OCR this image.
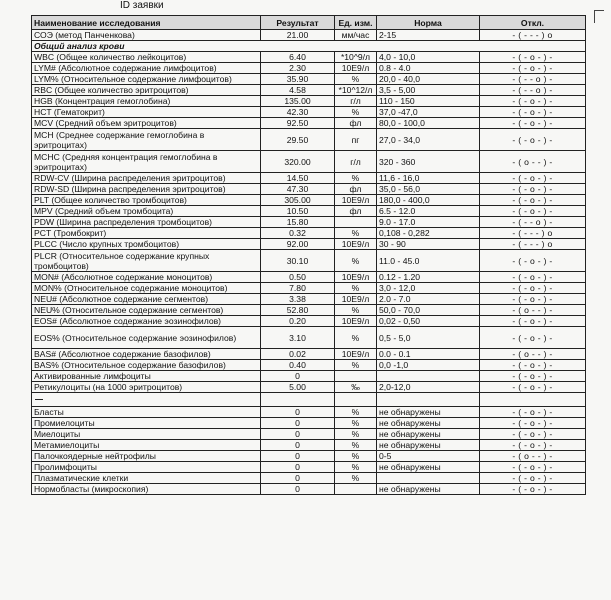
ID заявки
Наименование исследования	Результат	Ед. изм.	Норма	Откл.
СОЭ (метод Панченкова)	21.00	мм/час	2-15	- ( - - - ) о
Общий анализ крови				
WBC (Общее количество лейкоцитов)	6.40	*10^9/л	4,0 - 10,0	- ( - o - ) -
LYM# (Абсолютное содержание лимфоцитов)	2.30	10E9/л	0.8 - 4.0	- ( - o - ) -
LYM% (Относительное содержание лимфоцитов)	35.90	%	20,0 - 40,0	- ( - - o ) -
RBC (Общее количество эритроцитов)	4.58	*10^12/л	3,5 - 5,00	- ( - - o ) -
HGB (Концентрация гемоглобина)	135.00	г/л	110 - 150	- ( - o - ) -
HCT (Гематокрит)	42.30	%	37,0 -47,0	- ( - o - ) -
MCV (Средний объем эритроцитов)	92.50	фл	80,0 - 100,0	- ( - o - ) -
MCH (Среднее содержание гемоглобина в эритроцитах)	29.50	пг	27,0 - 34,0	- ( - o - ) -
MCHC (Средняя концентрация гемоглобина в эритроцитах)	320.00	г/л	320 - 360	- ( o - - ) -
RDW-CV (Ширина распределения эритроцитов)	14.50	%	11,6 - 16,0	- ( - o - ) -
RDW-SD (Ширина распределения эритроцитов)	47.30	фл	35,0 - 56,0	- ( - o - ) -
PLT (Общее количество тромбоцитов)	305.00	10E9/л	180,0 - 400,0	- ( - o - ) -
MPV (Средний объем тромбоцита)	10.50	фл	6.5 - 12.0	- ( - o - ) -
PDW (Ширина распределения тромбоцитов)	15.80		9.0 - 17.0	- ( - - o ) -
PCT (Тромбокрит)	0.32	%	0,108 - 0,282	- ( - - - ) о
PLCC (Число крупных тромбоцитов)	92.00	10E9/л	30 - 90	- ( - - - ) о
PLCR (Относительное содержание крупных тромбоцитов)	30.10	%	11.0 - 45.0	- ( - o - ) -
MON# (Абсолютное содержание моноцитов)	0.50	10E9/л	0.12 - 1.20	- ( - o - ) -
MON% (Относительное содержание моноцитов)	7.80	%	3,0 - 12,0	- ( - o - ) -
NEU# (Абсолютное содержание сегментов)	3.38	10E9/л	2.0 - 7.0	- ( - o - ) -
NEU% (Относительное содержание сегментов)	52.80	%	50,0 - 70,0	- ( o - - ) -
EOS# (Абсолютное содержание эозинофилов)	0.20	10E9/л	0,02 - 0,50	- ( - o - ) -
EOS% (Относительное содержание эозинофилов)	3.10	%	0,5 - 5,0	- ( - o - ) -
BAS# (Абсолютное содержание базофилов)	0.02	10E9/л	0.0 - 0.1	- ( o - - ) -
BAS% (Относительное содержание базофилов)	0.40	%	0,0 -1,0	- ( - o - ) -
Активированные лимфоциты	0			- ( - o - ) -
Ретикулоциты (на 1000 эритроцитов)	5.00	‰	2,0-12,0	- ( - o - ) -

Бласты	0	%	не обнаружены	- ( - o - ) -
Промиелоциты	0	%	не обнаружены	- ( - o - ) -
Миелоциты	0	%	не обнаружены	- ( - o - ) -
Метамиелоциты	0	%	не обнаружены	- ( - o - ) -
Палочкоядерные нейтрофилы	0	%	0-5	- ( o - - ) -
Пролимфоциты	0	%	не обнаружены	- ( - o - ) -
Плазматические клетки	0	%		- ( - o - ) -
Нормобласты (микроскопия)	0		не обнаружены	- ( - o - ) -
